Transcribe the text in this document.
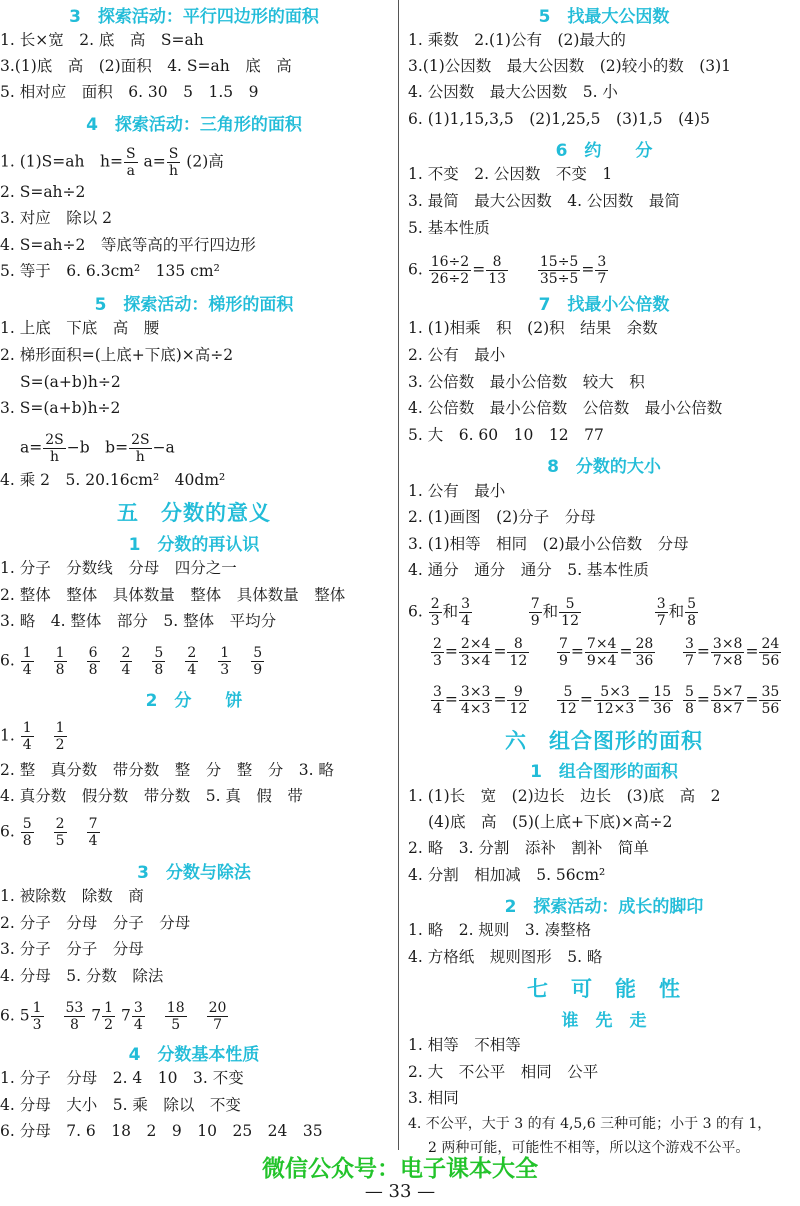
3　探索活动：平行四边形的面积
1. 长×宽　2. 底　高　S=ah
3.(1)底　高　(2)面积　4. S=ah　底　高
5. 相对应　面积　6. 30　5　1.5　9
4　探索活动：三角形的面积
1. (1)S=ah　$h= \frac{S}{a} a= \frac{S}{h} (2)$高
2. S=ah÷2
3. 对应　除以 2
4. S=ah÷2　等底等高的平行四边形
5. 等于　6. 6.3cm²　135 cm²
5　探索活动：梯形的面积
1. 上底　下底　高　腰
2. 梯形面积=(上底+下底)×高÷2
S=(a+b)h÷2
3. S=(a+b)h÷2
$a= \frac{2S}{h} -b$　$b= \frac{2S}{h} -a$
4. 乘 2　5. 20.16cm²　40dm²
五　分数的意义
1　分数的再认识
1. 分子　分数线　分母　四分之一
2. 整体　整体　具体数量　整体　具体数量　整体
3. 略　4. 整体　部分　5. 整体　平均分
6. $\frac{1}{4} \frac{1}{8} \frac{6}{8} \frac{2}{4} \frac{5}{8} \frac{2}{4} \frac{1}{3} \frac{5}{9}$
2　分　　饼
1. $\frac{1}{4} \frac{1}{2}$
2. 整　真分数　带分数　整　分　整　分　3. 略
4. 真分数　假分数　带分数　5. 真　假　带
6. $\frac{5}{8} \frac{2}{5} \frac{7}{4}$
3　分数与除法
1. 被除数　除数　商
2. 分子　分母　分子　分母
3. 分子　分子　分母
4. 分母　5. 分数　除法
6. $5 \frac{1}{3} \frac{53}{8} 7 \frac{1}{2} 7 \frac{3}{4} \frac{18}{5} \frac{20}{7}$
4　分数基本性质
1. 分子　分母　2. 4　10　3. 不变
4. 分母　大小　5. 乘　除以　不变
6. 分母　7. 6　18　2　9　10　25　24　35
5　找最大公因数
1. 乘数　2.(1)公有　(2)最大的
3.(1)公因数　最大公因数　(2)较小的数　(3)1
4. 公因数　最大公因数　5. 小
6. (1)1,15,3,5　(2)1,25,5　(3)1,5　(4)5
6　约　　分
1. 不变　2. 公因数　不变　1
3. 最简　最大公因数　4. 公因数　最简
5. 基本性质
6. $\frac{16\div 2}{26\div 2} = \frac{8}{13}$
$\frac{15\div 5}{35\div 5} = \frac{3}{7}$
7　找最小公倍数
1. (1)相乘　积　(2)积　结果　余数
2. 公有　最小
3. 公倍数　最小公倍数　较大　积
4. 公倍数　最小公倍数　公倍数　最小公倍数
5. 大　6. 60　10　12　77
8　分数的大小
1. 公有　最小
2. (1)画图　(2)分子　分母
3. (1)相等　相同　(2)最小公倍数　分母
4. 通分　通分　通分　5. 基本性质
6. $\frac{2}{3}$ 和 $\frac{3}{4}$	$\frac{7}{9}$ 和 $\frac{5}{12}$	$\frac{3}{7}$ 和 $\frac{5}{8}$
$\frac{2}{3} = \frac{2\times 4}{3\times 4} = \frac{8}{12} \frac{7}{9} = \frac{7\times 4}{9\times 4} = \frac{28}{36} \frac{3}{7} = \frac{3\times 8}{7\times 8} = \frac{24}{56}$
$\frac{3}{4} = \frac{3\times 3}{4\times 3} = \frac{9}{12} \frac{5}{12} = \frac{5\times 3}{12\times 3} = \frac{15}{36} \frac{5}{8} = \frac{5\times 7}{8\times 7} = \frac{35}{56}$
六　组合图形的面积
1　组合图形的面积
1. (1)长　宽　(2)边长　边长　(3)底　高　2
(4)底　高　(5)(上底+下底)×高÷2
2. 略　3. 分割　添补　割补　简单
4. 分割　相加减　5. 56cm²
2　探索活动：成长的脚印
1. 略　2. 规则　3. 凑整格
4. 方格纸　规则图形　5. 略
七　可　能　性
谁　先　走
1. 相等　不相等
2. 大　不公平　相同　公平
3. 相同
4. 不公平，大于 3 的有 4,5,6 三种可能；小于 3 的有 1，
2 两种可能，可能性不相等，所以这个游戏不公平。
微信公众号：电子课本大全
— 33 —
